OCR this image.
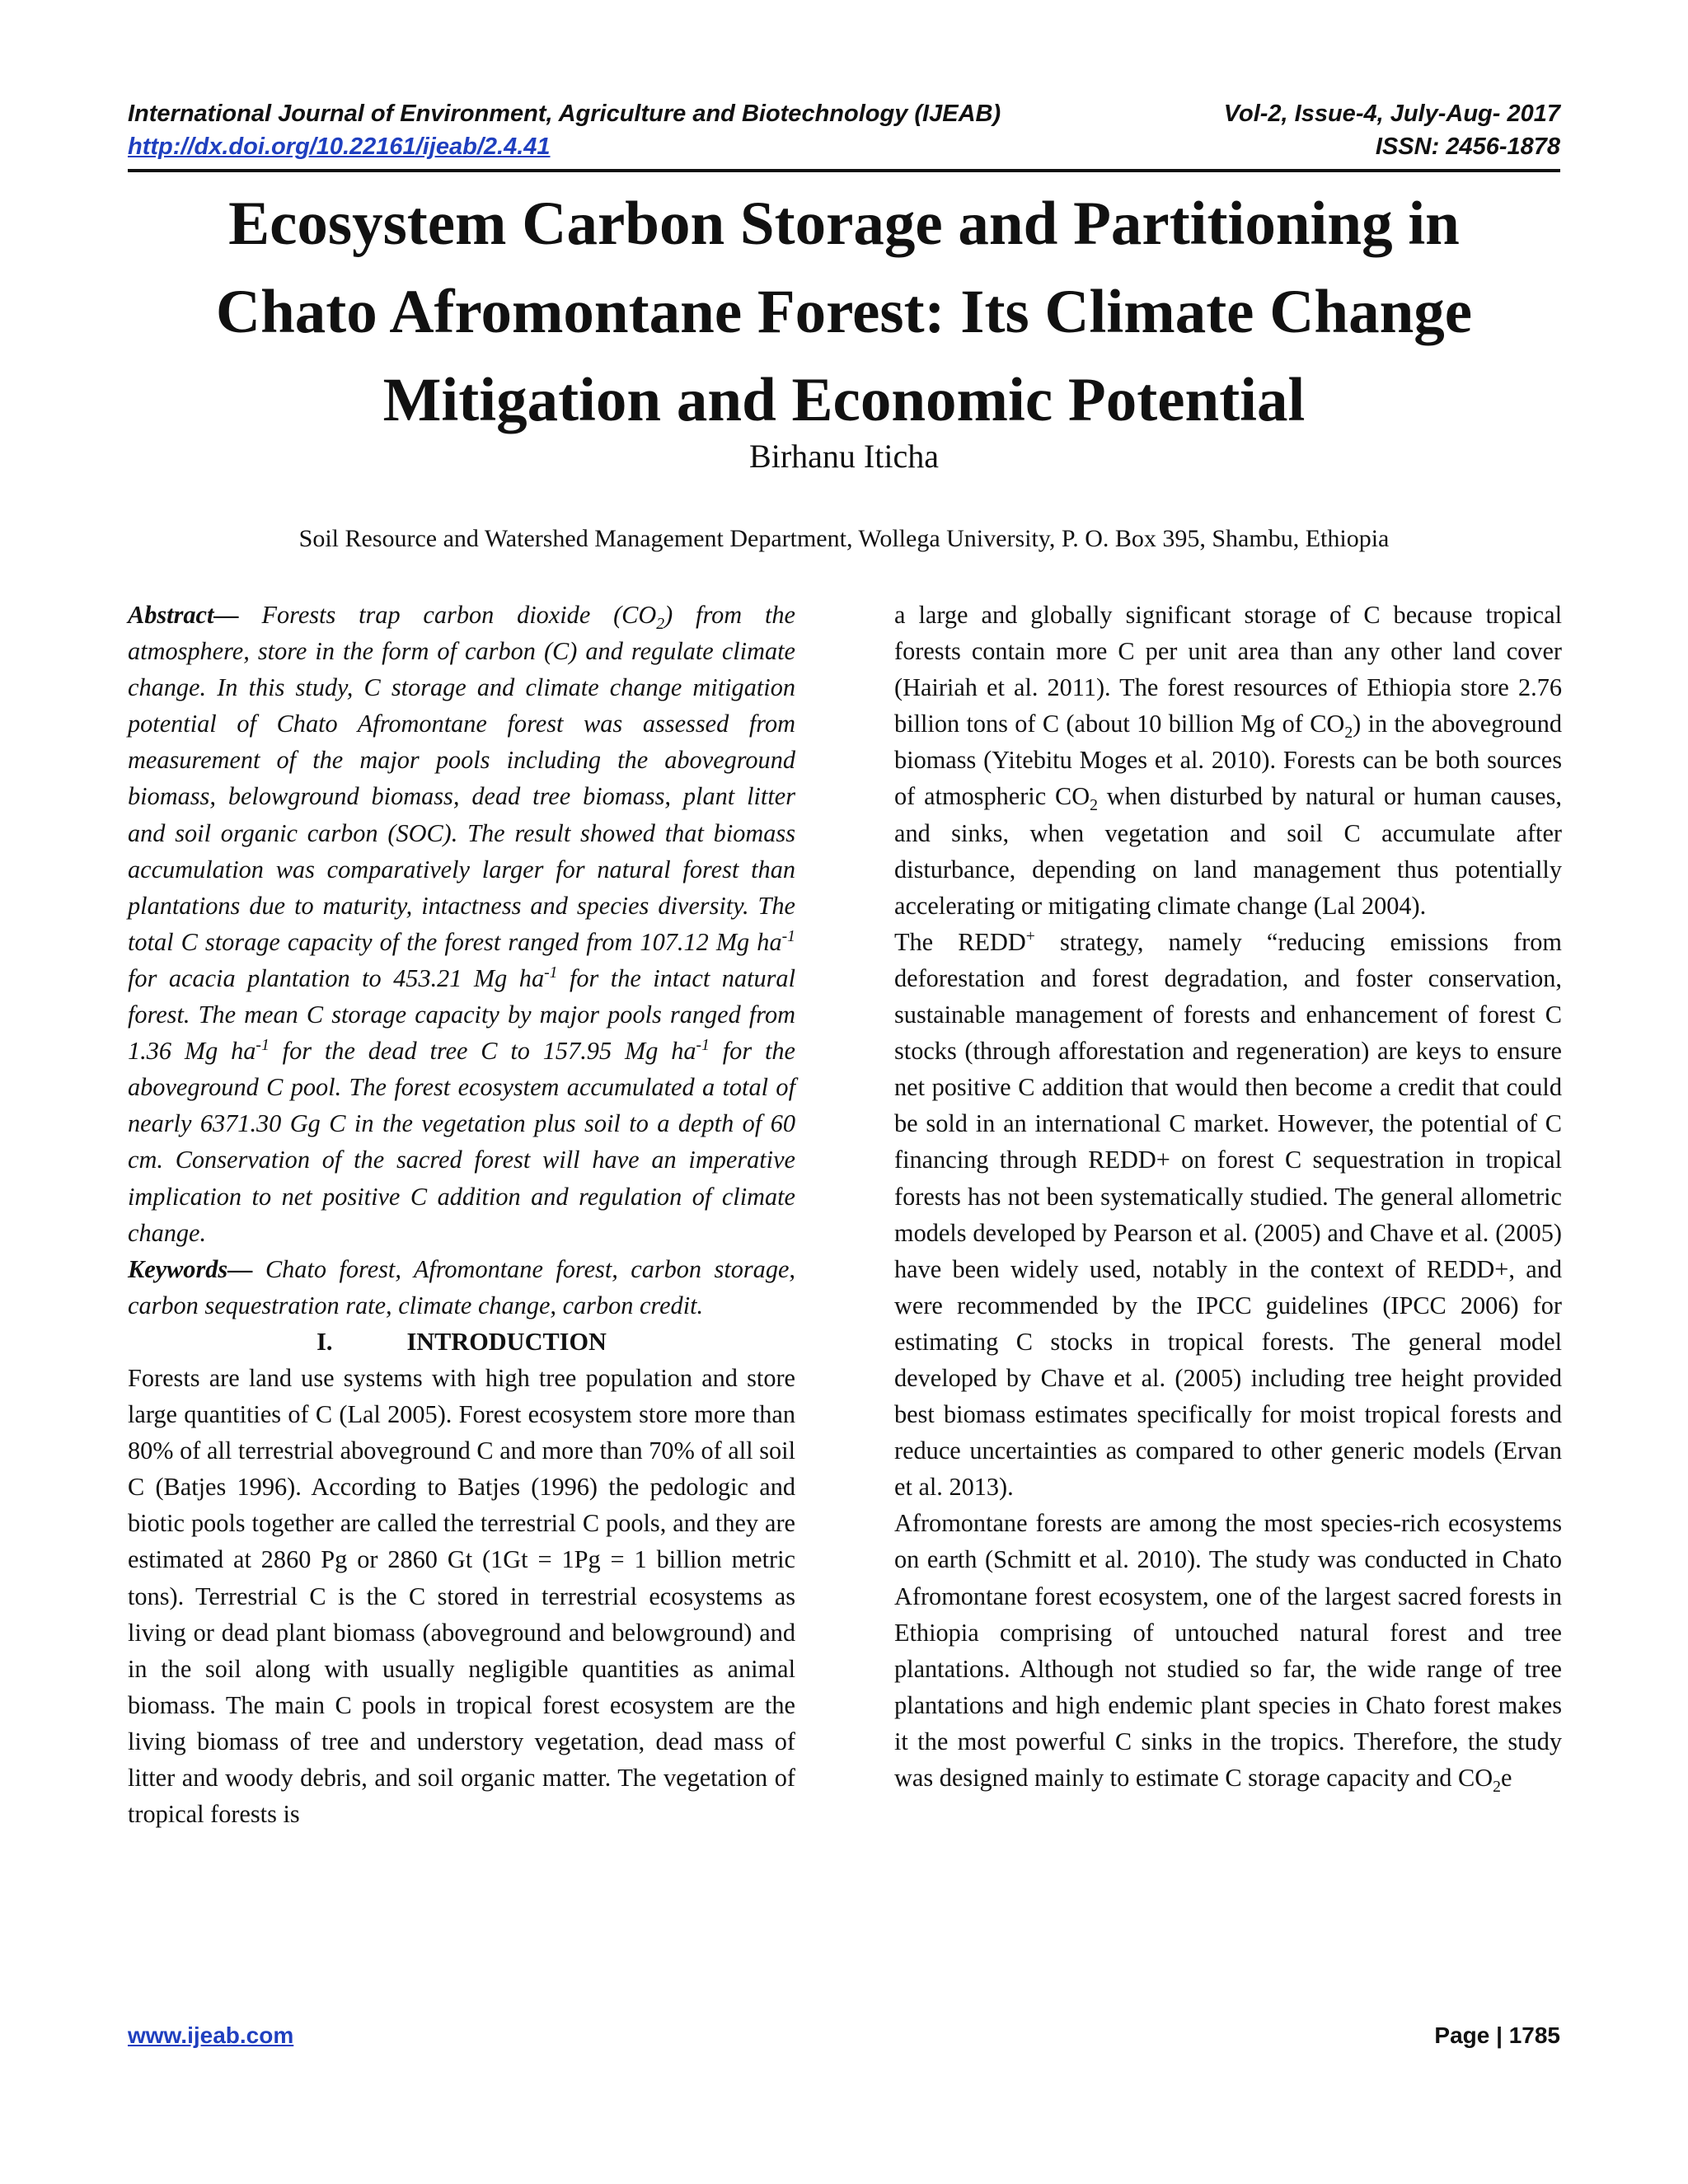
International Journal of Environment, Agriculture and Biotechnology (IJEAB)	Vol-2, Issue-4, July-Aug- 2017
http://dx.doi.org/10.22161/ijeab/2.4.41	ISSN: 2456-1878
Ecosystem Carbon Storage and Partitioning in
Chato Afromontane Forest: Its Climate Change
Mitigation and Economic Potential
Birhanu Iticha
Soil Resource and Watershed Management Department, Wollega University, P. O. Box 395, Shambu, Ethiopia

Abstract— Forests trap carbon dioxide $(CO_2)$ from the atmosphere, store in the form of carbon (C) and regulate climate change. In this study, C storage and climate change mitigation potential of Chato Afromontane forest was assessed from measurement of the major pools including the aboveground biomass, belowground biomass, dead tree biomass, plant litter and soil organic carbon (SOC). The result showed that biomass accumulation was comparatively larger for natural forest than plantations due to maturity, intactness and species diversity. The total C storage capacity of the forest ranged from 107.12 Mg $ha^{-1}$ for acacia plantation to 453.21 Mg $ha^{-1}$ for the intact natural forest. The mean C storage capacity by major pools ranged from 1.36 Mg $ha^{-1}$ for the dead tree C to 157.95 Mg $ha^{-1}$ for the aboveground C pool. The forest ecosystem accumulated a total of nearly 6371.30 Gg C in the vegetation plus soil to a depth of 60 cm. Conservation of the sacred forest will have an imperative implication to net positive C addition and regulation of climate change.

Keywords— Chato forest, Afromontane forest, carbon storage, carbon sequestration rate, climate change, carbon credit.

I.	INTRODUCTION

Forests are land use systems with high tree population and store large quantities of C (Lal 2005). Forest ecosystem store more than 80% of all terrestrial aboveground C and more than 70% of all soil C (Batjes 1996). According to Batjes (1996) the pedologic and biotic pools together are called the terrestrial C pools, and they are estimated at 2860 Pg or 2860 Gt (1Gt = 1Pg = 1 billion metric tons). Terrestrial C is the C stored in terrestrial ecosystems as living or dead plant biomass (aboveground and belowground) and in the soil along with usually negligible quantities as animal biomass. The main C pools in tropical forest ecosystem are the living biomass of tree and understory vegetation, dead mass of litter and woody debris, and soil organic matter. The vegetation of tropical forests is

a large and globally significant storage of C because tropical forests contain more C per unit area than any other land cover (Hairiah et al. 2011). The forest resources of Ethiopia store 2.76 billion tons of C (about 10 billion Mg of $CO_2$) in the aboveground biomass (Yitebitu Moges et al. 2010). Forests can be both sources of atmospheric $CO_2$ when disturbed by natural or human causes, and sinks, when vegetation and soil C accumulate after disturbance, depending on land management thus potentially accelerating or mitigating climate change (Lal 2004).

The REDD+ strategy, namely “reducing emissions from deforestation and forest degradation, and foster conservation, sustainable management of forests and enhancement of forest C stocks (through afforestation and regeneration) are keys to ensure net positive C addition that would then become a credit that could be sold in an international C market. However, the potential of C financing through REDD+ on forest C sequestration in tropical forests has not been systematically studied. The general allometric models developed by Pearson et al. (2005) and Chave et al. (2005) have been widely used, notably in the context of REDD+, and were recommended by the IPCC guidelines (IPCC 2006) for estimating C stocks in tropical forests. The general model developed by Chave et al. (2005) including tree height provided best biomass estimates specifically for moist tropical forests and reduce uncertainties as compared to other generic models (Ervan et al. 2013).

Afromontane forests are among the most species-rich ecosystems on earth (Schmitt et al. 2010). The study was conducted in Chato Afromontane forest ecosystem, one of the largest sacred forests in Ethiopia comprising of untouched natural forest and tree plantations. Although not studied so far, the wide range of tree plantations and high endemic plant species in Chato forest makes it the most powerful C sinks in the tropics. Therefore, the study was designed mainly to estimate C storage capacity and $CO_2e$

www.ijeab.com	Page | 1785
